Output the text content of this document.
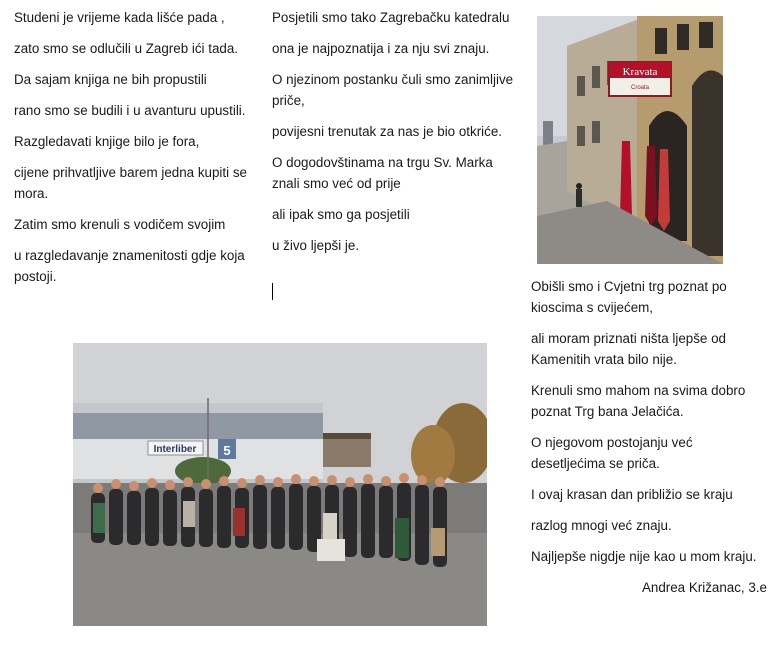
Studeni je vrijeme kada lišće pada ,

zato smo se odlučili u Zagreb ići tada.

Da sajam knjiga ne bih propustili

rano smo se budili i u avanturu upustili.

Razgledavati knjige bilo je fora,

cijene prihvatljive barem jedna kupiti se mora.

Zatim smo krenuli s vodičem svojim

u razgledavanje znamenitosti gdje koja postoji.

Posjetili smo tako Zagrebačku katedralu

ona je najpoznatija i za nju svi znaju.

O njezinom postanku čuli smo zanimljive priče,

povijesni trenutak za nas je bio otkriće.

O dogodovštinama na trgu Sv. Marka znali smo već od prije

ali ipak smo ga posjetili

u živo ljepši je.

Kravata
Croata

Obišli smo i Cvjetni trg poznat po kioscima s cvijećem,

ali moram priznati ništa ljepše od Kamenitih vrata bilo nije.

Krenuli smo mahom na svima dobro poznat Trg bana Jelačića.

O njegovom postojanju već desetljećima se priča.

I ovaj krasan dan približio se kraju

razlog mnogi već znaju.

Najljepše nigdje nije kao u mom kraju.

Andrea Križanac, 3.e

Interliber 5
